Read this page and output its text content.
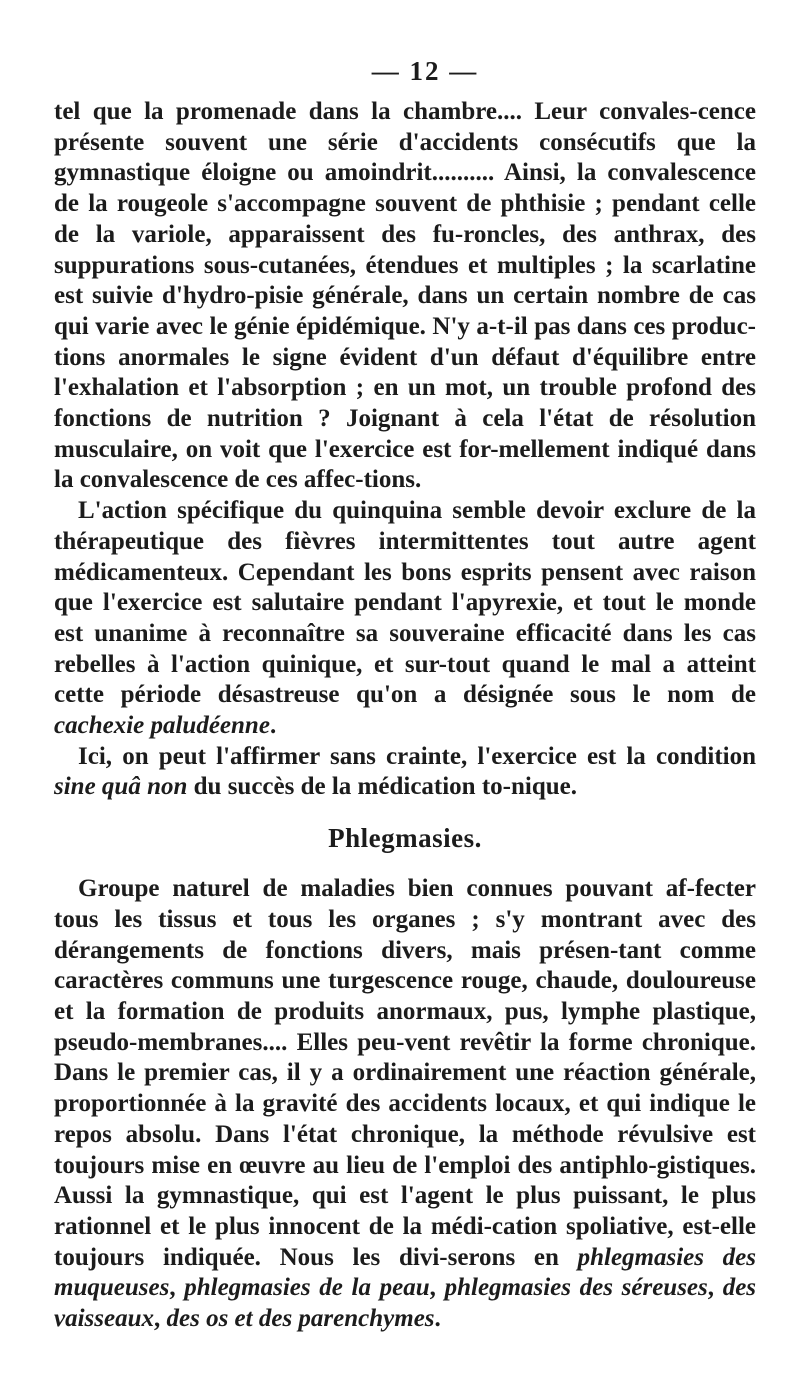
— 12 —

tel que la promenade dans la chambre.... Leur convales-cence présente souvent une série d'accidents consécutifs que la gymnastique éloigne ou amoindrit.......... Ainsi, la convalescence de la rougeole s'accompagne souvent de phthisie ; pendant celle de la variole, apparaissent des fu-roncles, des anthrax, des suppurations sous-cutanées, étendues et multiples ; la scarlatine est suivie d'hydro-pisie générale, dans un certain nombre de cas qui varie avec le génie épidémique. N'y a-t-il pas dans ces produc-tions anormales le signe évident d'un défaut d'équilibre entre l'exhalation et l'absorption ; en un mot, un trouble profond des fonctions de nutrition ? Joignant à cela l'état de résolution musculaire, on voit que l'exercice est for-mellement indiqué dans la convalescence de ces affec-tions.

L'action spécifique du quinquina semble devoir exclure de la thérapeutique des fièvres intermittentes tout autre agent médicamenteux. Cependant les bons esprits pensent avec raison que l'exercice est salutaire pendant l'apyrexie, et tout le monde est unanime à reconnaître sa souveraine efficacité dans les cas rebelles à l'action quinique, et sur-tout quand le mal a atteint cette période désastreuse qu'on a désignée sous le nom de cachexie paludéenne.

Ici, on peut l'affirmer sans crainte, l'exercice est la condition sine quâ non du succès de la médication to-nique.

Phlegmasies.

Groupe naturel de maladies bien connues pouvant af-fecter tous les tissus et tous les organes ; s'y montrant avec des dérangements de fonctions divers, mais présen-tant comme caractères communs une turgescence rouge, chaude, douloureuse et la formation de produits anormaux, pus, lymphe plastique, pseudo-membranes.... Elles peu-vent revêtir la forme chronique. Dans le premier cas, il y a ordinairement une réaction générale, proportionnée à la gravité des accidents locaux, et qui indique le repos absolu. Dans l'état chronique, la méthode révulsive est toujours mise en œuvre au lieu de l'emploi des antiphlo-gistiques. Aussi la gymnastique, qui est l'agent le plus puissant, le plus rationnel et le plus innocent de la médi-cation spoliative, est-elle toujours indiquée. Nous les divi-serons en phlegmasies des muqueuses, phlegmasies de la peau, phlegmasies des séreuses, des vaisseaux, des os et des parenchymes.
